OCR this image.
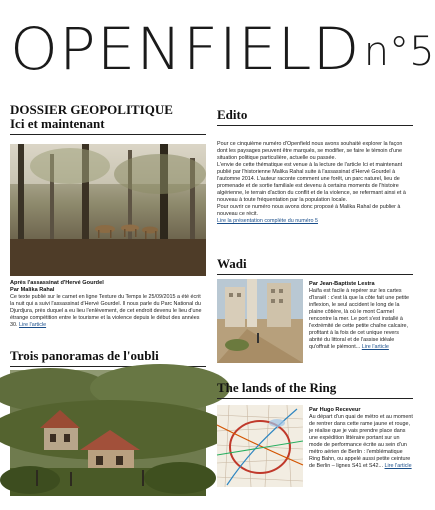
OPENFIELD n°5
DOSSIER GEOPOLITIQUE
Ici et maintenant
Après l'assassinat d'Hervé Gourdel
Par Malika Rahal
Ce texte publié sur le carnet en ligne Texture du Temps le 25/09/2015 a été écrit la nuit qui a suivi l'assassinat d'Hervé Gourdel. Il nous parle du Parc National du Djurdjura, près duquel a eu lieu l'enlèvement, de cet endroit devenu le lieu d'une étrange compétition entre le tourisme et la violence depuis le début des années 30. Lire l'article
Trois panoramas de l'oubli
Edito
Pour ce cinquième numéro d'Openfield nous avons souhaité explorer la façon dont les paysages peuvent être marqués, se modifier, se faire le témoin d'une situation politique particulière, actuelle ou passée.
L'envie de cette thématique est venue à la lecture de l'article Ici et maintenant publié par l'historienne Malika Rahal suite à l'assassinat d'Hervé Gourdel à l'automne 2014. L'auteur raconte comment une forêt, un parc naturel, lieu de promenade et de sortie familiale est devenu à certains moments de l'histoire algérienne, le terrain d'action du conflit et de la violence, se refermant ainsi et à nouveau à toute fréquentation par la population locale.
Pour ouvrir ce numéro nous avons donc proposé à Malika Rahal de publier à nouveau ce récit.
Lire la présentation complète du numéro 5
Wadi
Par Jean-Baptiste Lestra
Haïfa est facile à repérer sur les cartes d'Israël : c'est là que la côte fait une petite inflexion, le seul accident le long de la plaine côtière, là où le mont Carmel rencontre la mer. Le port s'est installé à l'extrémité de cette petite chaîne calcaire, profitant à la fois de cet unique revers abrité du littoral et de l'assise idéale qu'offrait le piémont... Lire l'article
The lands of the Ring
Par Hugo Receveur
Au départ d'un quai de métro et au moment de rentrer dans cette rame jaune et rouge, je réalise que je vais prendre place dans une expédition littéraire portant sur un mode de performance écrite au sein d'un métro aérien de Berlin : l'emblématique Ring Bahn, ou appelé aussi petite ceinture de Berlin – lignes S41 et S42... Lire l'article
